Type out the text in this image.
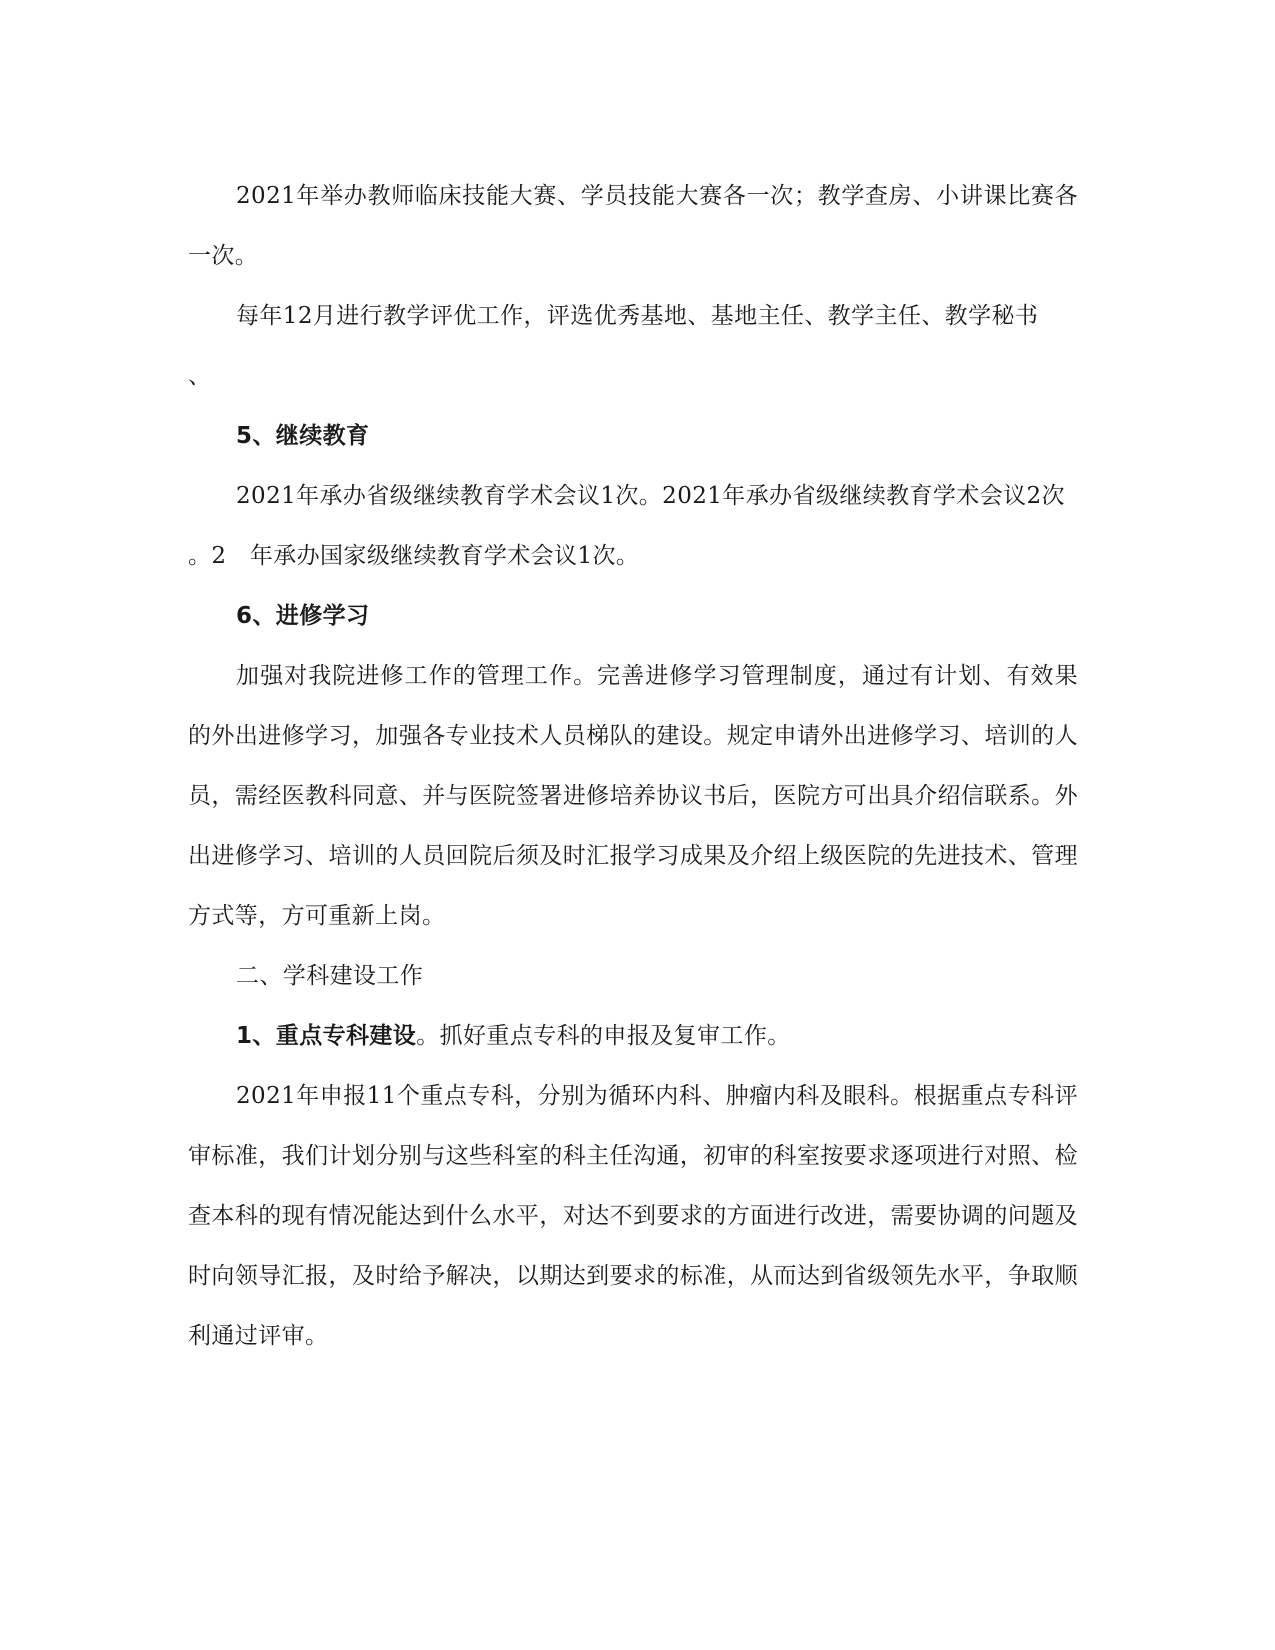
2021年举办教师临床技能大赛、学员技能大赛各一次；教学查房、小讲课比赛各一次。

每年12月进行教学评优工作，评选优秀基地、基地主任、教学主任、教学秘书

、

5、继续教育

2021年承办省级继续教育学术会议1次。2021年承办省级继续教育学术会议2次

。2　年承办国家级继续教育学术会议1次。

6、进修学习

加强对我院进修工作的管理工作。完善进修学习管理制度，通过有计划、有效果的外出进修学习，加强各专业技术人员梯队的建设。规定申请外出进修学习、培训的人员，需经医教科同意、并与医院签署进修培养协议书后，医院方可出具介绍信联系。外出进修学习、培训的人员回院后须及时汇报学习成果及介绍上级医院的先进技术、管理方式等，方可重新上岗。

二、学科建设工作

1、重点专科建设。抓好重点专科的申报及复审工作。

2021年申报11个重点专科，分别为循环内科、肿瘤内科及眼科。根据重点专科评审标准，我们计划分别与这些科室的科主任沟通，初审的科室按要求逐项进行对照、检查本科的现有情况能达到什么水平，对达不到要求的方面进行改进，需要协调的问题及时向领导汇报，及时给予解决，以期达到要求的标准，从而达到省级领先水平，争取顺利通过评审。
